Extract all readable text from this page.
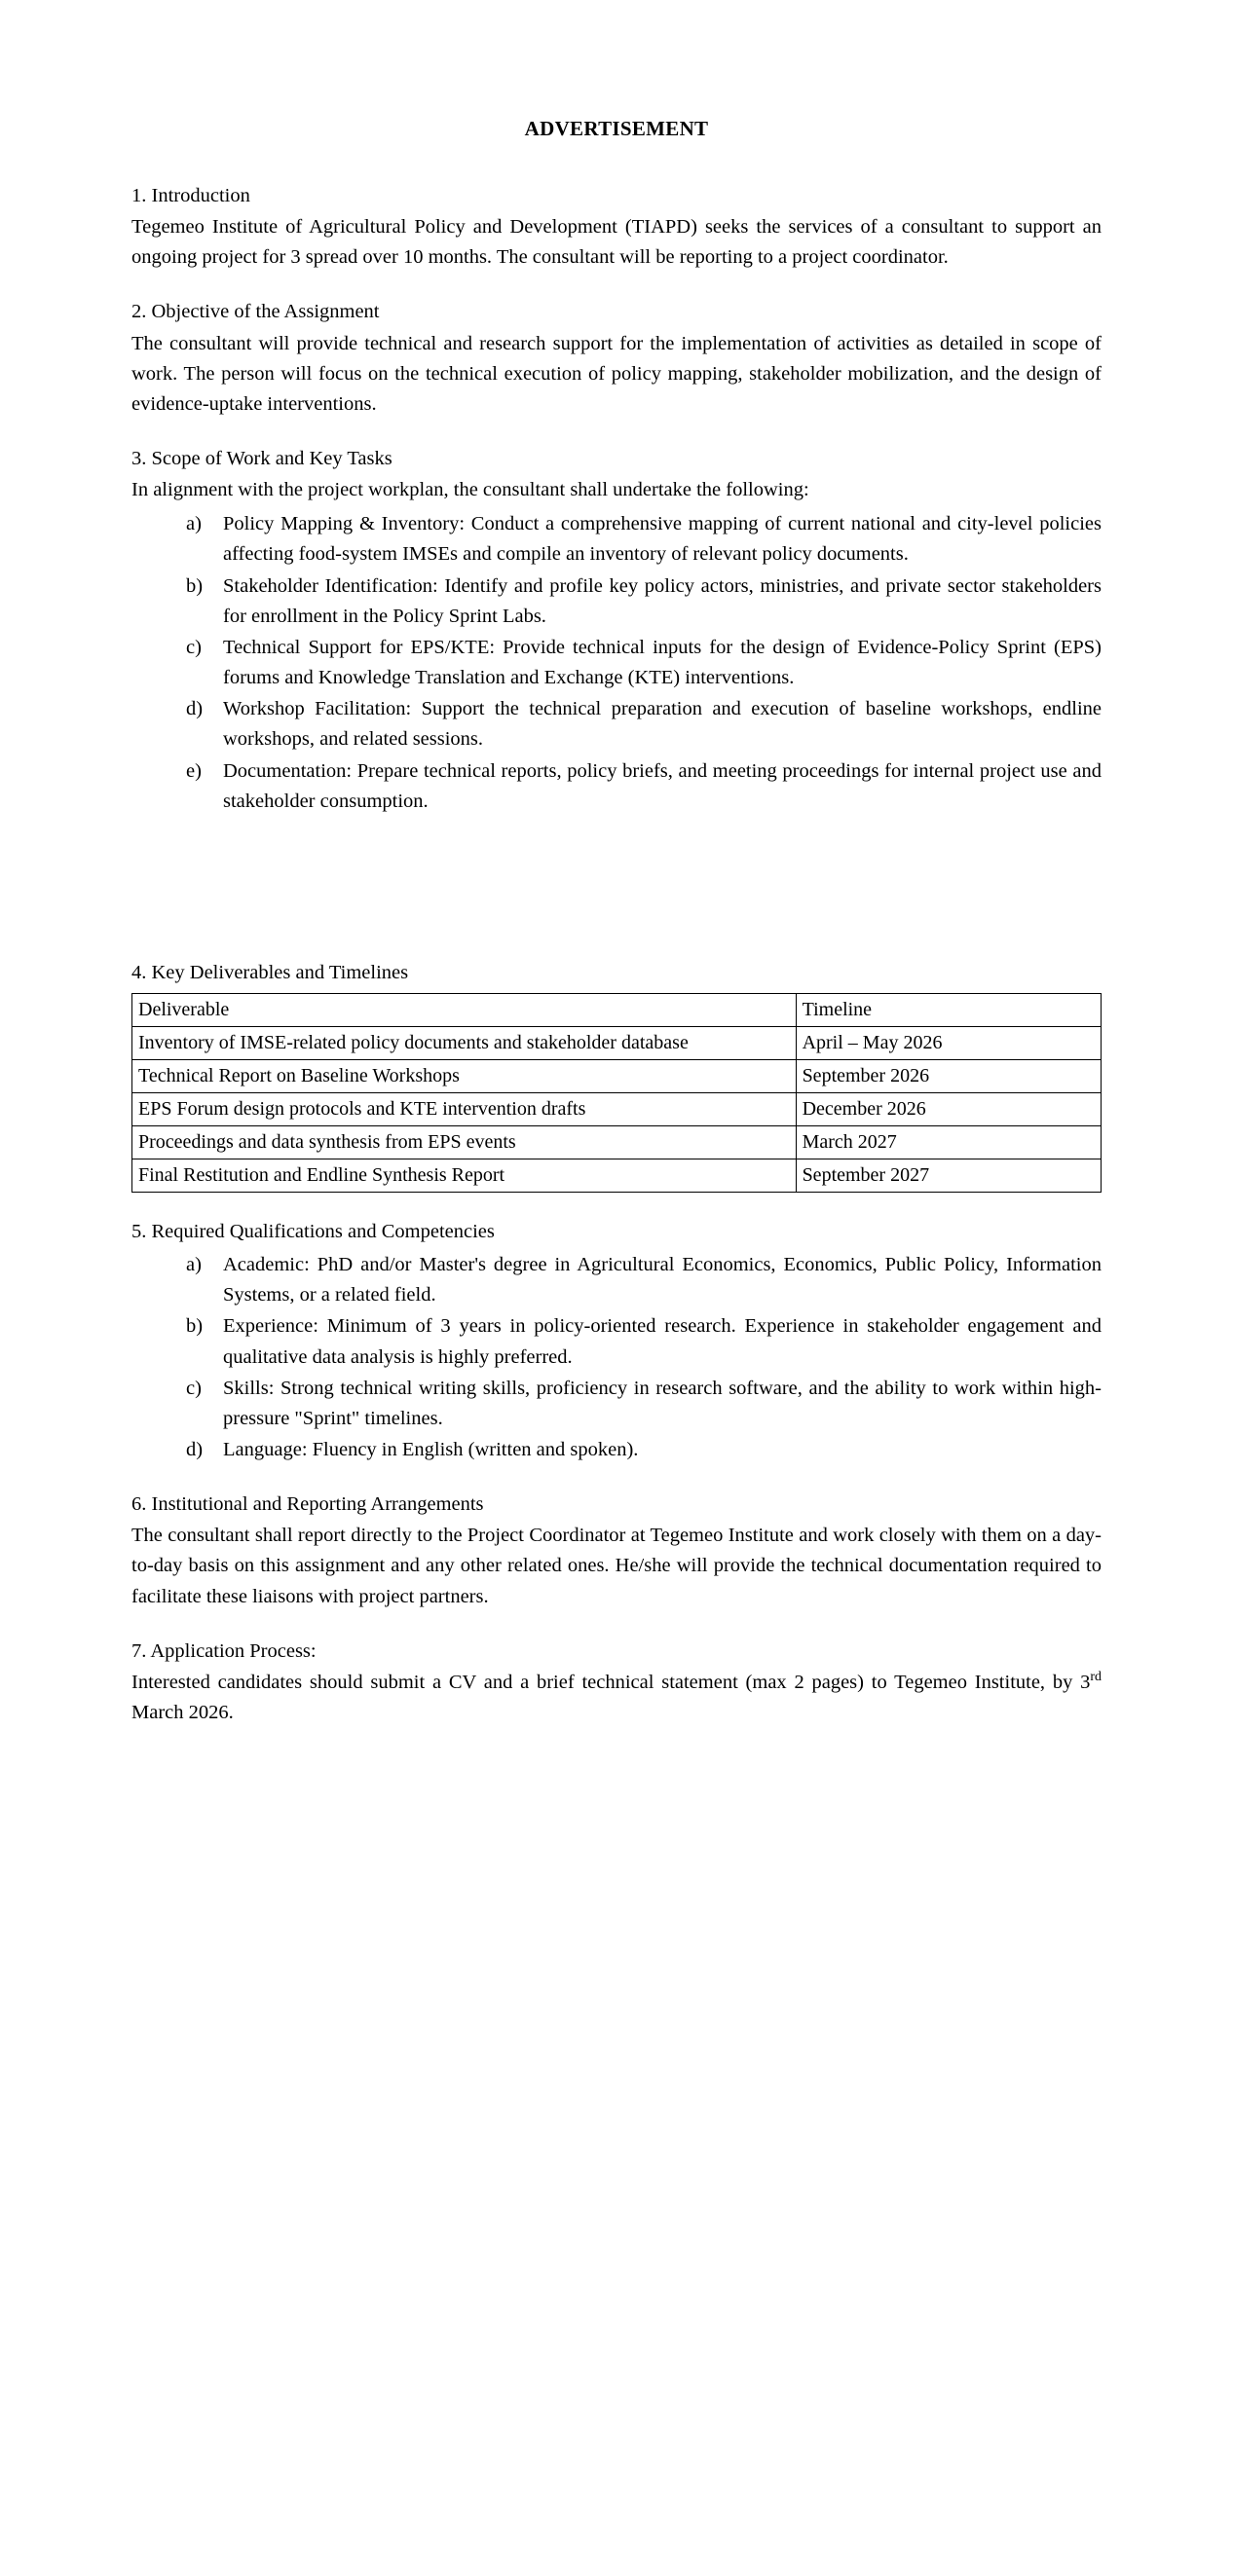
ADVERTISEMENT
1. Introduction

Tegemeo Institute of Agricultural Policy and Development (TIAPD) seeks the services of a consultant to support an ongoing project for 3 spread over 10 months. The consultant will be reporting to a project coordinator.

2. Objective of the Assignment

The consultant will provide technical and research support for the implementation of activities as detailed in scope of work. The person will focus on the technical execution of policy mapping, stakeholder mobilization, and the design of evidence-uptake interventions.

3. Scope of Work and Key Tasks

In alignment with the project workplan, the consultant shall undertake the following:

a)	Policy Mapping & Inventory: Conduct a comprehensive mapping of current national and city-level policies affecting food-system IMSEs and compile an inventory of relevant policy documents.
b)	Stakeholder Identification: Identify and profile key policy actors, ministries, and private sector stakeholders for enrollment in the Policy Sprint Labs.
c)	Technical Support for EPS/KTE: Provide technical inputs for the design of Evidence-Policy Sprint (EPS) forums and Knowledge Translation and Exchange (KTE) interventions.
d)	Workshop Facilitation: Support the technical preparation and execution of baseline workshops, endline workshops, and related sessions.
e)	Documentation: Prepare technical reports, policy briefs, and meeting proceedings for internal project use and stakeholder consumption.
4. Key Deliverables and Timelines
Deliverable	Timeline
Inventory of IMSE-related policy documents and stakeholder database	April – May 2026
Technical Report on Baseline Workshops	September 2026
EPS Forum design protocols and KTE intervention drafts	December 2026
Proceedings and data synthesis from EPS events	March 2027
Final Restitution and Endline Synthesis Report	September 2027
5. Required Qualifications and Competencies
a)	Academic: PhD and/or Master's degree in Agricultural Economics, Economics, Public Policy, Information Systems, or a related field.
b)	Experience: Minimum of 3 years in policy-oriented research. Experience in stakeholder engagement and qualitative data analysis is highly preferred.
c)	Skills: Strong technical writing skills, proficiency in research software, and the ability to work within high-pressure "Sprint" timelines.
d)	Language: Fluency in English (written and spoken).
6. Institutional and Reporting Arrangements

The consultant shall report directly to the Project Coordinator at Tegemeo Institute and work closely with them on a day-to-day basis on this assignment and any other related ones. He/she will provide the technical documentation required to facilitate these liaisons with project partners.

7. Application Process:

Interested candidates should submit a CV and a brief technical statement (max 2 pages) to Tegemeo Institute, by 3rd March 2026.
